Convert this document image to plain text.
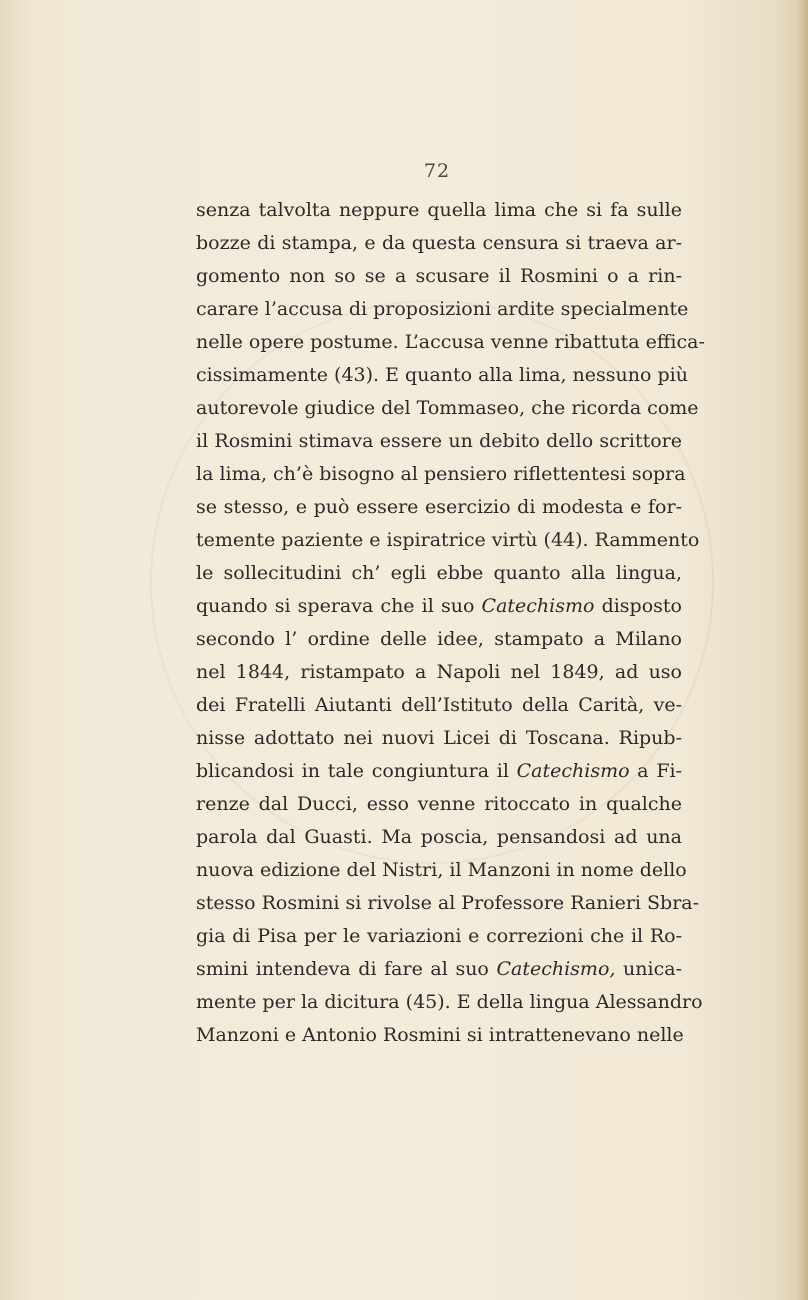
72
senza talvolta neppure quella lima che si fa sulle
bozze di stampa, e da questa censura si traeva ar-
gomento non so se a scusare il Rosmini o a rin-
carare l’accusa di proposizioni ardite specialmente
nelle opere postume. L’accusa venne ribattuta effica-
cissimamente (43). E quanto alla lima, nessuno più
autorevole giudice del Tommaseo, che ricorda come
il Rosmini stimava essere un debito dello scrittore
la lima, ch’è bisogno al pensiero riflettentesi sopra
se stesso, e può essere esercizio di modesta e for-
temente paziente e ispiratrice virtù (44). Rammento
le sollecitudini ch’ egli ebbe quanto alla lingua,
quando si sperava che il suo Catechismo disposto
secondo l’ ordine delle idee, stampato a Milano
nel 1844, ristampato a Napoli nel 1849, ad uso
dei Fratelli Aiutanti dell’Istituto della Carità, ve-
nisse adottato nei nuovi Licei di Toscana. Ripub-
blicandosi in tale congiuntura il Catechismo a Fi-
renze dal Ducci, esso venne ritoccato in qualche
parola dal Guasti. Ma poscia, pensandosi ad una
nuova edizione del Nistri, il Manzoni in nome dello
stesso Rosmini si rivolse al Professore Ranieri Sbra-
gia di Pisa per le variazioni e correzioni che il Ro-
smini intendeva di fare al suo Catechismo, unica-
mente per la dicitura (45). E della lingua Alessandro
Manzoni e Antonio Rosmini si intrattenevano nelle
